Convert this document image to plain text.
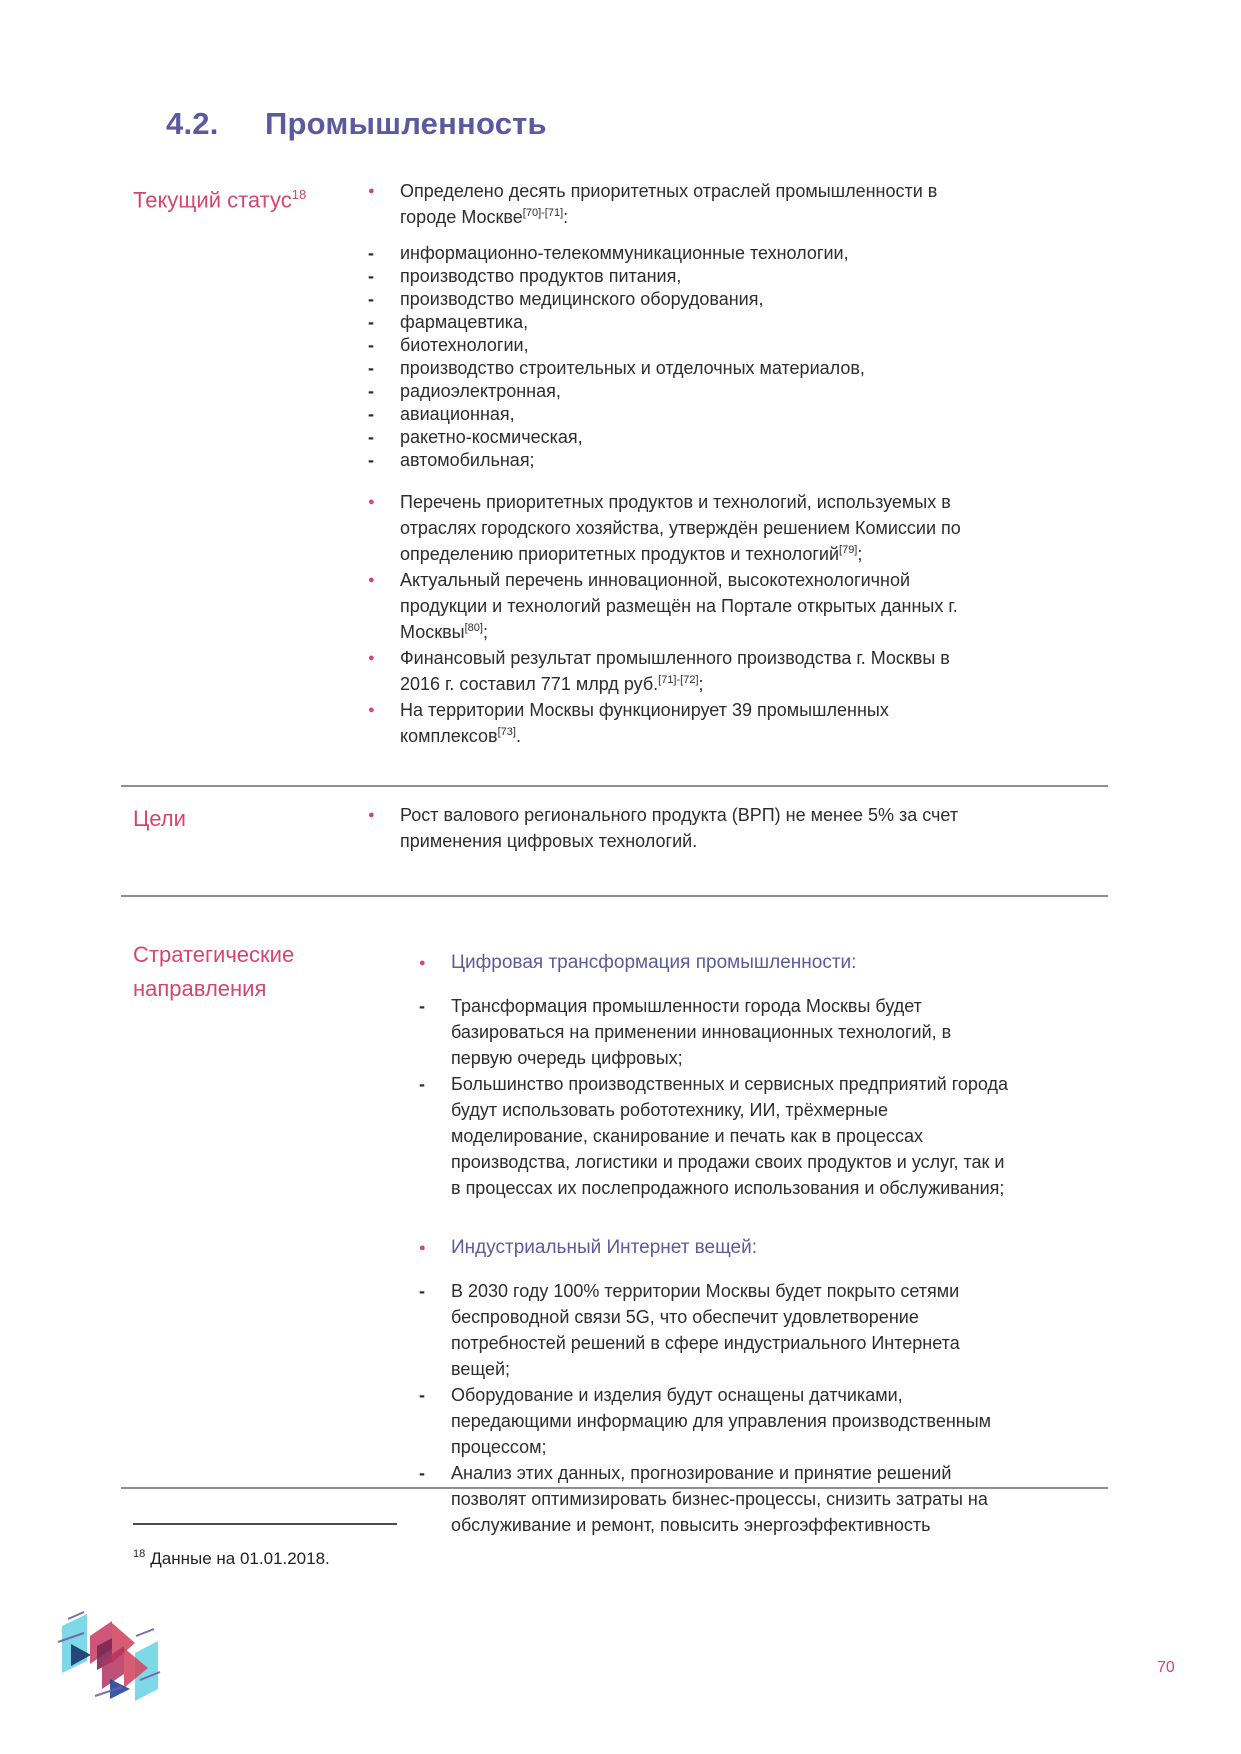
4.2. Промышленность
Текущий статус$^{18}$	●	Определено десять приоритетных отраслей промышленности в городе Москве[70]-[71]:

-	информационно-телекоммуникационные технологии,

-	производство продуктов питания,

-	производство медицинского оборудования,

-	фармацевтика,

-	биотехнологии,

-	производство строительных и отделочных материалов,

-	радиоэлектронная,

-	авиационная,

-	ракетно-космическая,

-	автомобильная;

●	Перечень приоритетных продуктов и технологий, используемых в отраслях городского хозяйства, утверждён решением Комиссии по определению приоритетных продуктов и технологий[79];

●	Актуальный перечень инновационной, высокотехнологичной продукции и технологий размещён на Портале открытых данных г. Москвы[80];

●	Финансовый результат промышленного производства г. Москвы в 2016 г. составил 771 млрд руб.[71]-[72];

●	На территории Москвы функционирует 39 промышленных комплексов[73].

Цели	●	Рост валового регионального продукта (ВРП) не менее 5% за счет применения цифровых технологий.

Стратегические
направления
●	Цифровая трансформация промышленности:

-	Трансформация промышленности города Москвы будет базироваться на применении инновационных технологий, в первую очередь цифровых;

-	Большинство производственных и сервисных предприятий города будут использовать робототехнику, ИИ, трёхмерные моделирование, сканирование и печать как в процессах производства, логистики и продажи своих продуктов и услуг, так и в процессах их послепродажного использования и обслуживания;

●	Индустриальный Интернет вещей:

-	В 2030 году 100% территории Москвы будет покрыто сетями беспроводной связи 5G, что обеспечит удовлетворение потребностей решений в сфере индустриального Интернета вещей;

-	Оборудование и изделия будут оснащены датчиками, передающими информацию для управления производственным процессом;

-	Анализ этих данных, прогнозирование и принятие решений позволят оптимизировать бизнес-процессы, снизить затраты на обслуживание и ремонт, повысить энергоэффективность

$^{18}$ Данные на 01.01.2018.
70
